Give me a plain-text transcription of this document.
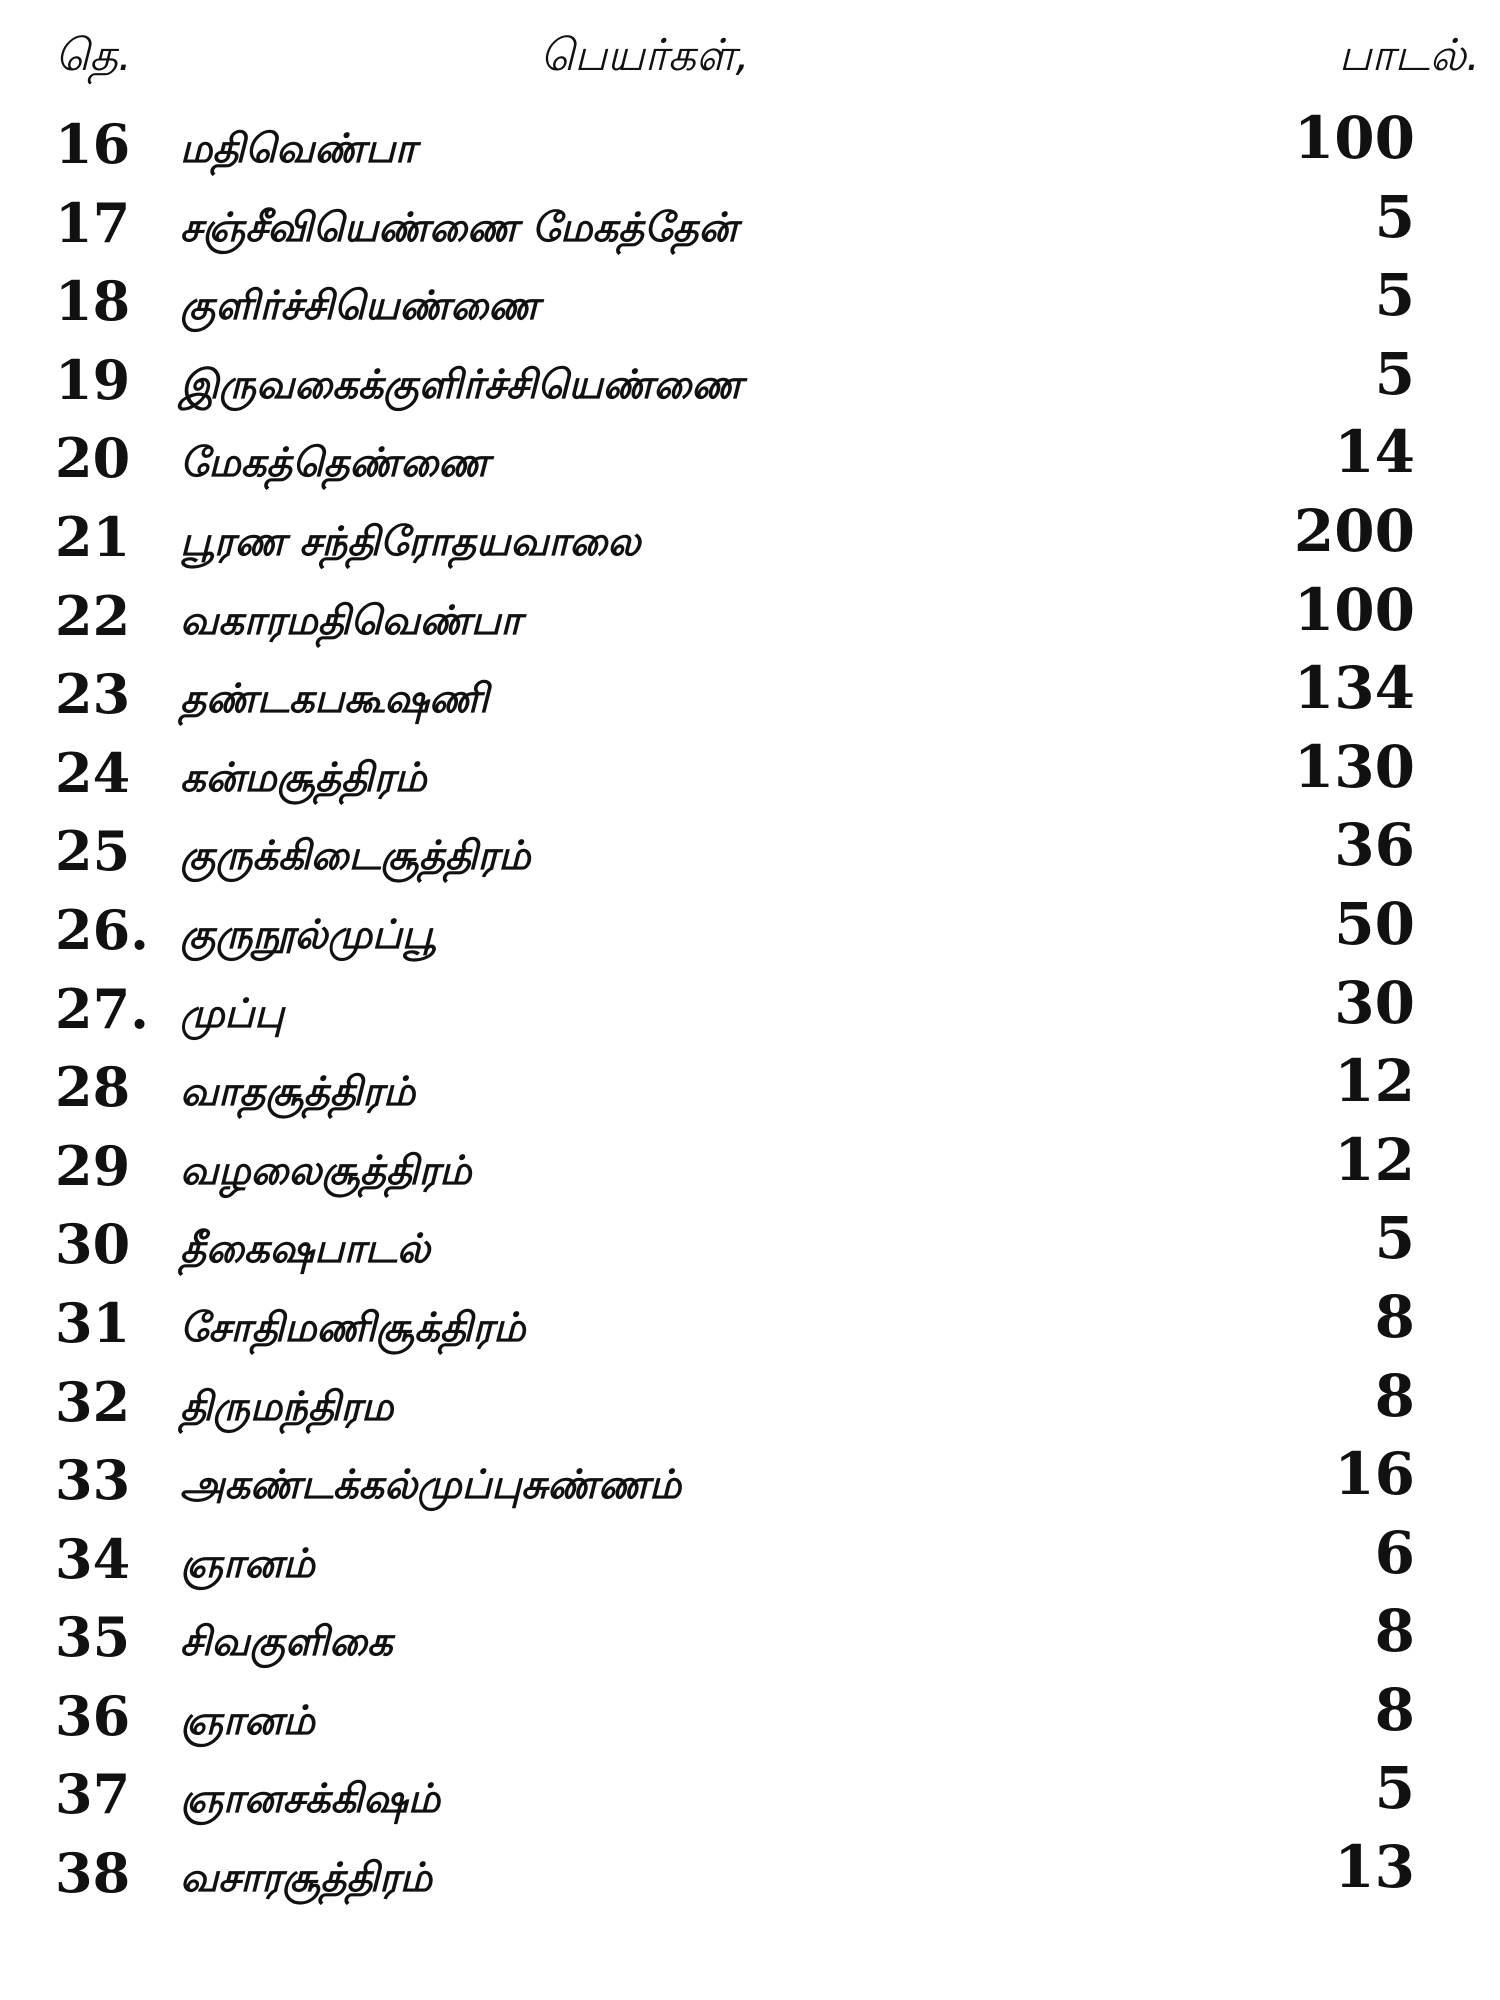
தெ.	பெயர்கள்,	பாடல்.
16 மதிவெண்பா	100
17 சஞ்சீவியெண்ணை மேகத்தேன்	5
18 குளிர்ச்சியெண்ணை	5
19 இருவகைக்குளிர்ச்சியெண்ணை	5
20 மேகத்தெண்ணை	14
21 பூரண சந்திரோதயவாலை	200
22 வகாரமதிவெண்பா	100
23 தண்டகபகூஷணி	134
24 கன்மசூத்திரம்	130
25 குருக்கிடைசூத்திரம்	36
26. குருநூல்முப்பூ	50
27. முப்பு	30
28 வாதசூத்திரம்	12
29 வழலைசூத்திரம்	12
30 தீகைஷபாடல்	5
31 சோதிமணிசூக்திரம்	8
32 திருமந்திரம	8
33 அகண்டக்கல்முப்புசுண்ணம்	16
34 ஞானம்	6
35 சிவகுளிகை	8
36 ஞானம்	8
37 ஞானசக்கிஷம்	5
38 வசாரசூத்திரம்	13
